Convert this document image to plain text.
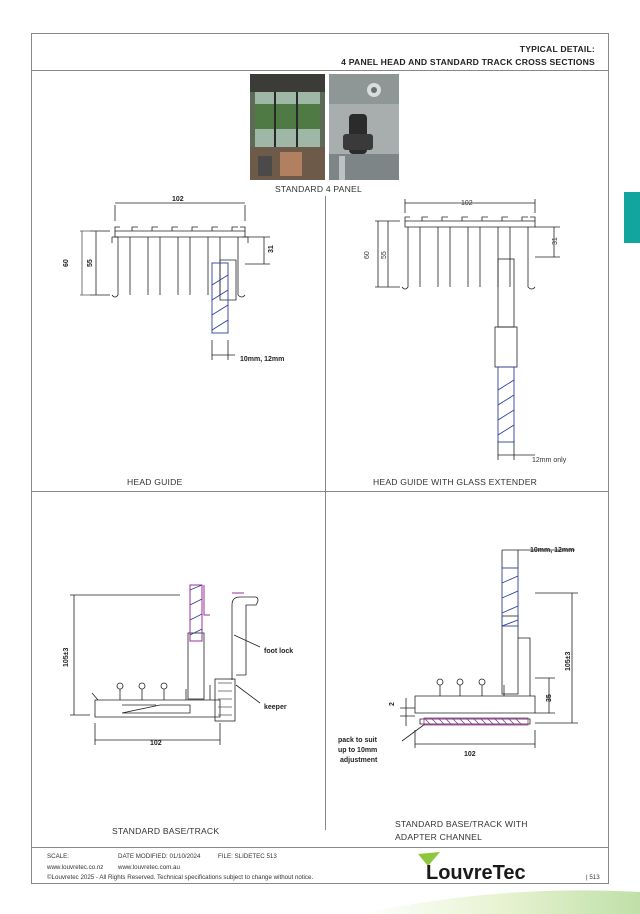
TYPICAL DETAIL:
4 PANEL HEAD AND STANDARD TRACK CROSS SECTIONS
STANDARD 4 PANEL
102
60 55
31
10mm, 12mm
HEAD GUIDE
102
60 55
31
12mm only
HEAD GUIDE WITH GLASS EXTENDER
105±3
102
foot lock
keeper
STANDARD BASE/TRACK
10mm, 12mm
105±3
35
2
102
pack to suit
up to 10mm
adjustment
STANDARD BASE/TRACK WITH
ADAPTER CHANNEL
SCALE:	DATE MODIFIED: 01/10/2024	FILE: SLIDETEC 513
www.louvretec.co.nz www.louvretec.com.au
©Louvretec 2025 - All Rights Reserved. Technical specifications subject to change without notice.	| 513
LouvreTec
